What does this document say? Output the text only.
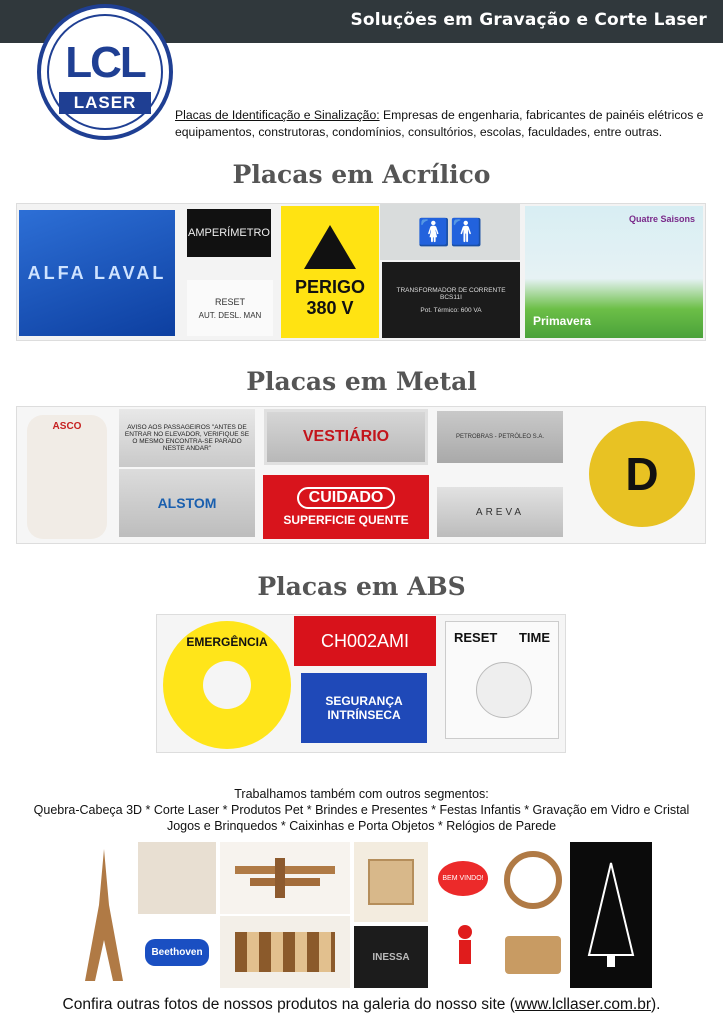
Soluções em Gravação e Corte Laser
LCL
LASER
Placas de Identificação e Sinalização: Empresas de engenharia, fabricantes de painéis elétricos e equipamentos, construtoras, condomínios, consultórios, escolas, faculdades, entre outras.
Placas em Acrílico
ALFA LAVAL
AMPERÍMETRO
RESET
AUT. DESL. MAN
PERIGO
380 V
🚺🚹
TRANSFORMADOR DE CORRENTE BCS11I
Pot. Térmico: 600 VA
Primavera
Quatre Saisons
Placas em Metal
ASCO	AVISO AOS PASSAGEIROS "ANTES DE ENTRAR NO ELEVADOR, VERIFIQUE SE O MESMO ENCONTRA-SE PARADO NESTE ANDAR"
ALSTOM
VESTIÁRIO
CUIDADO
SUPERFICIE QUENTE
PETROBRAS - PETRÓLEO S.A.
AREVA
D
Placas em ABS
EMERGÊNCIA	CH002AMI
SEGURANÇA INTRÍNSECA
RESET TIME
Trabalhamos também com outros segmentos:
Quebra-Cabeça 3D * Corte Laser * Produtos Pet * Brindes e Presentes * Festas Infantis * Gravação em Vidro e Cristal
Jogos e Brinquedos * Caixinhas e Porta Objetos * Relógios de Parede
Beethoven	INESSA
BEM VINDO!
Confira outras fotos de nossos produtos na galeria do nosso site (www.lcllaser.com.br).
